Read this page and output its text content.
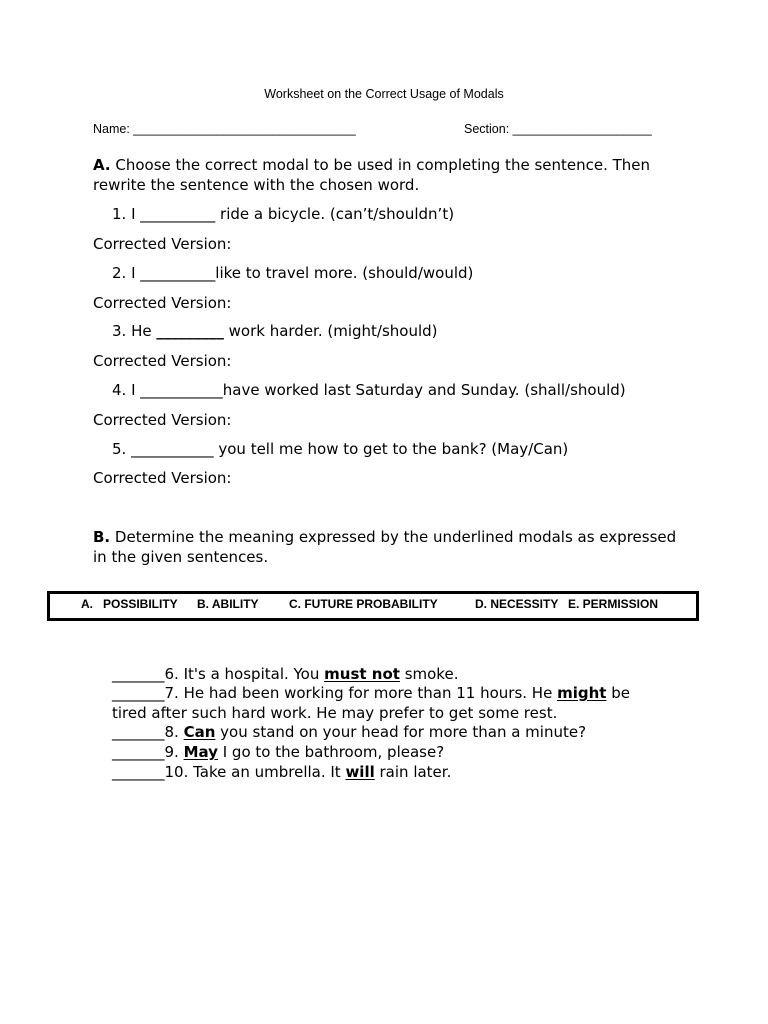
Worksheet on the Correct Usage of Modals
Name: ________________________________	Section: ____________________
A. Choose the correct modal to be used in completing the sentence. Then rewrite the sentence with the chosen word.
1. I __________ ride a bicycle. (can’t/shouldn’t)
Corrected Version:
2. I __________like to travel more. (should/would)
Corrected Version:
3. He _________ work harder. (might/should)
Corrected Version:
4. I ___________have worked last Saturday and Sunday. (shall/should)
Corrected Version:
5. ___________ you tell me how to get to the bank? (May/Can)
Corrected Version:
B. Determine the meaning expressed by the underlined modals as expressed in the given sentences.
A.   POSSIBILITY B. ABILITY	C. FUTURE PROBABILITY	D. NECESSITY E. PERMISSION
_______6. It's a hospital. You must not smoke.
_______7. He had been working for more than 11 hours. He might be
tired after such hard work. He may prefer to get some rest.
_______8. Can you stand on your head for more than a minute?
_______9. May I go to the bathroom, please?
_______10. Take an umbrella. It will rain later.
